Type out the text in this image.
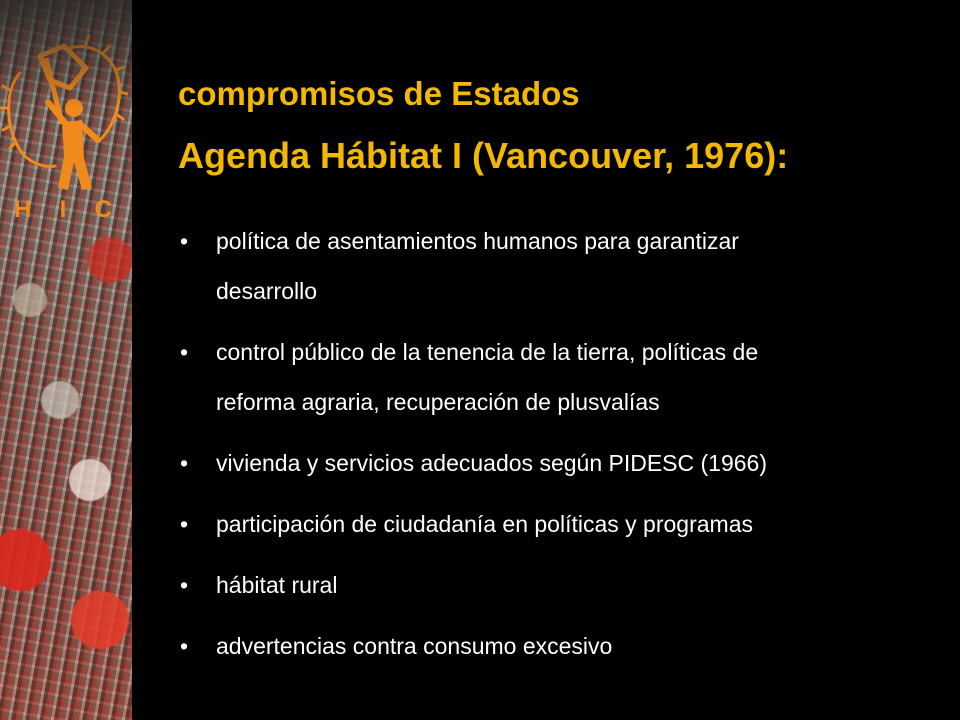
H I C
compromisos de Estados
Agenda Hábitat I (Vancouver, 1976):
• política de asentamientos humanos para garantizar
desarrollo
• control público de la tenencia de la tierra, políticas de
reforma agraria, recuperación de plusvalías
• vivienda y servicios adecuados según PIDESC (1966)
• participación de ciudadanía en políticas y programas
• hábitat rural
• advertencias contra consumo excesivo
